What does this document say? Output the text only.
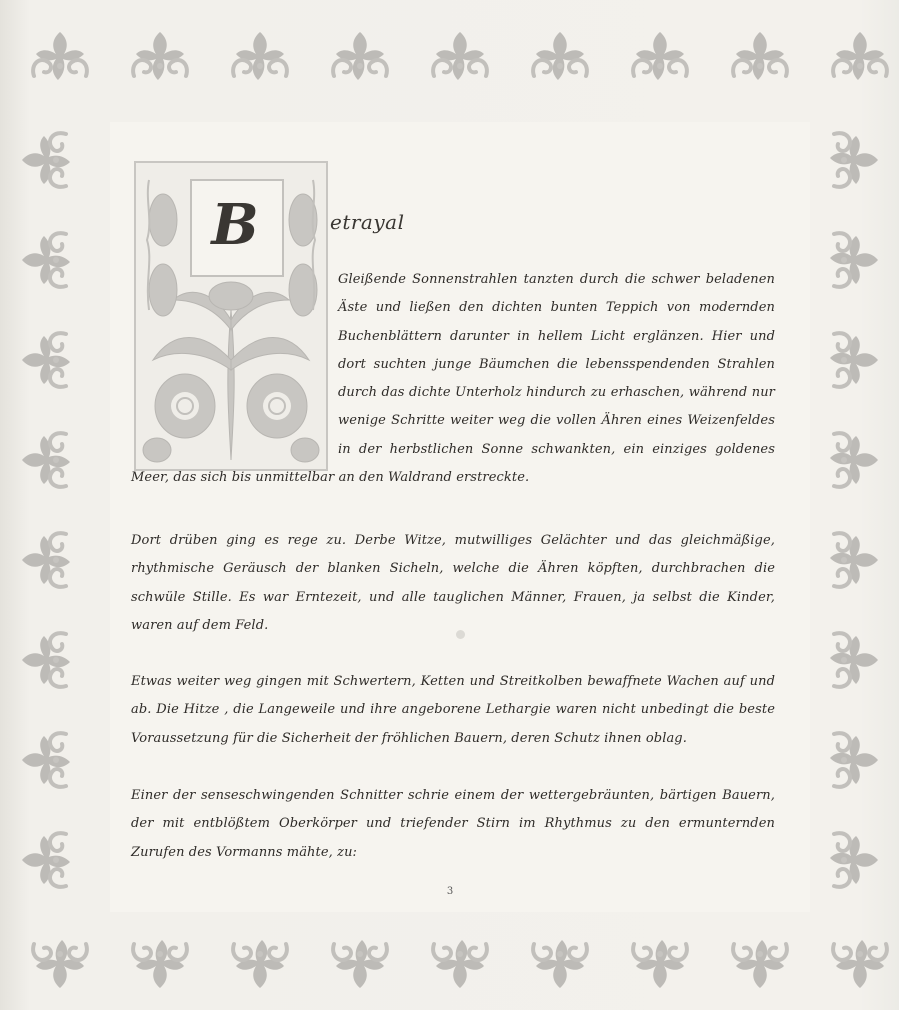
B	etrayal

Gleißende Sonnenstrahlen tanzten durch die schwer beladenen Äste und ließen den dichten bunten Teppich von modernden Buchenblättern darunter in hellem Licht erglänzen. Hier und dort suchten junge Bäumchen die lebensspendenden Strahlen durch das dichte Unterholz hindurch zu erhaschen, während nur wenige Schritte weiter weg die vollen Ähren eines Weizenfeldes in der herbstlichen Sonne schwankten, ein einziges goldenes Meer, das sich bis unmittelbar an den Waldrand erstreckte.

Dort drüben ging es rege zu. Derbe Witze, mutwilliges Gelächter und das gleichmäßige, rhythmische Geräusch der blanken Sicheln, welche die Ähren köpften, durchbrachen die schwüle Stille. Es war Erntezeit, und alle tauglichen Männer, Frauen, ja selbst die Kinder, waren auf dem Feld.

Etwas weiter weg gingen mit Schwertern, Ketten und Streitkolben bewaffnete Wachen auf und ab. Die Hitze , die Langeweile und ihre angeborene Lethargie waren nicht unbedingt die beste Voraussetzung für die Sicherheit der fröhlichen Bauern, deren Schutz ihnen oblag.

Einer der senseschwingenden Schnitter schrie einem der wettergebräunten, bärtigen Bauern, der mit entblößtem Oberkörper und triefender Stirn im Rhythmus zu den ermunternden Zurufen des Vormanns mähte, zu:

3
